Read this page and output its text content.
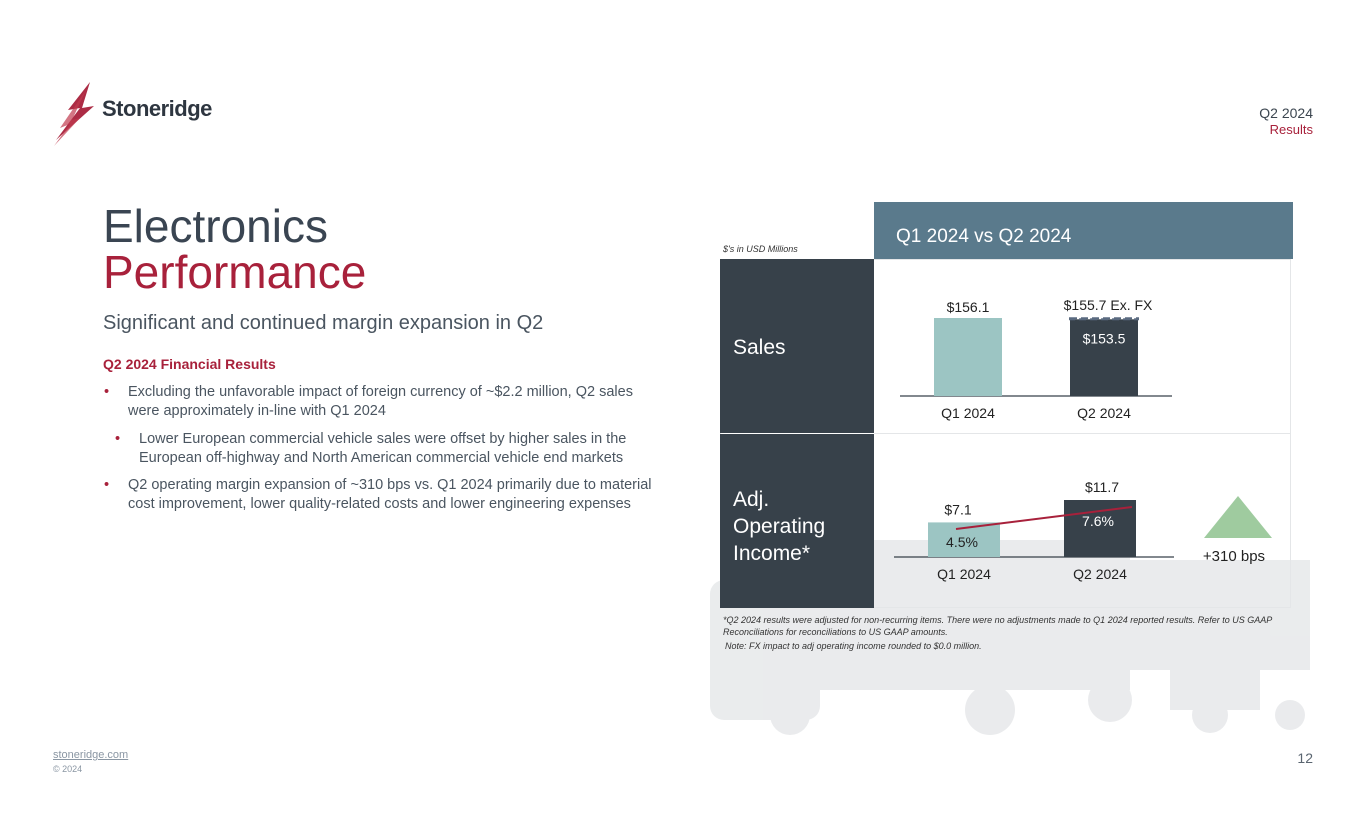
Stoneridge	Q2 2024
Results
Electronics
Performance
Significant and continued margin expansion in Q2
Q2 2024 Financial Results
• Excluding the unfavorable impact of foreign currency of ~$2.2 million, Q2 sales were approximately in-line with Q1 2024
• Lower European commercial vehicle sales were offset by higher sales in the European off-highway and North American commercial vehicle end markets
• Q2 operating margin expansion of ~310 bps vs. Q1 2024 primarily due to material cost improvement, lower quality-related costs and lower engineering expenses
$'s in USD Millions
Q1 2024 vs Q2 2024
Sales
Adj. Operating Income*
Q1 2024	Q2 2024
$156.1
$153.5
$155.7 Ex. FX
Q1 2024
$7.1
4.5%
Q2 2024
$11.7
7.6%
+310 bps
*Q2 2024 results were adjusted for non-recurring items. There were no adjustments made to Q1 2024 reported results. Refer to US GAAP Reconciliations for reconciliations to US GAAP amounts.
Note: FX impact to adj operating income rounded to $0.0 million.
stoneridge.com
© 2024
12
